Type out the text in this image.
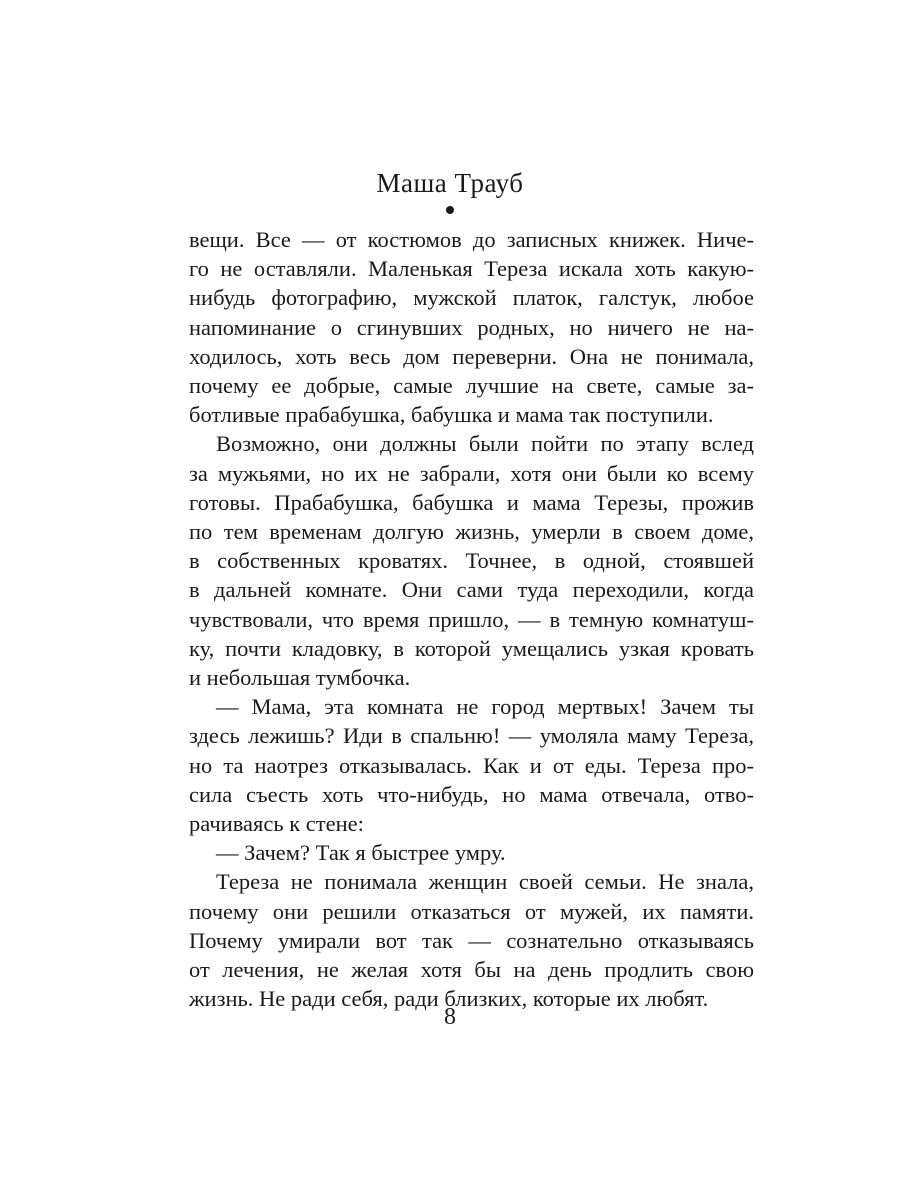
Маша Трауб
вещи. Все — от костюмов до записных книжек. Ниче-
го не оставляли. Маленькая Тереза искала хоть какую-
нибудь фотографию, мужской платок, галстук, любое
напоминание о сгинувших родных, но ничего не на-
ходилось, хоть весь дом переверни. Она не понимала,
почему ее добрые, самые лучшие на свете, самые за-
ботливые прабабушка, бабушка и мама так поступили.
Возможно, они должны были пойти по этапу вслед
за мужьями, но их не забрали, хотя они были ко всему
готовы. Прабабушка, бабушка и мама Терезы, прожив
по тем временам долгую жизнь, умерли в своем доме,
в собственных кроватях. Точнее, в одной, стоявшей
в дальней комнате. Они сами туда переходили, когда
чувствовали, что время пришло, — в темную комнатуш-
ку, почти кладовку, в которой умещались узкая кровать
и небольшая тумбочка.
— Мама, эта комната не город мертвых! Зачем ты
здесь лежишь? Иди в спальню! — умоляла маму Тереза,
но та наотрез отказывалась. Как и от еды. Тереза про-
сила съесть хоть что-нибудь, но мама отвечала, отво-
рачиваясь к стене:
— Зачем? Так я быстрее умру.
Тереза не понимала женщин своей семьи. Не знала,
почему они решили отказаться от мужей, их памяти.
Почему умирали вот так — сознательно отказываясь
от лечения, не желая хотя бы на день продлить свою
жизнь. Не ради себя, ради близких, которые их любят.
8
